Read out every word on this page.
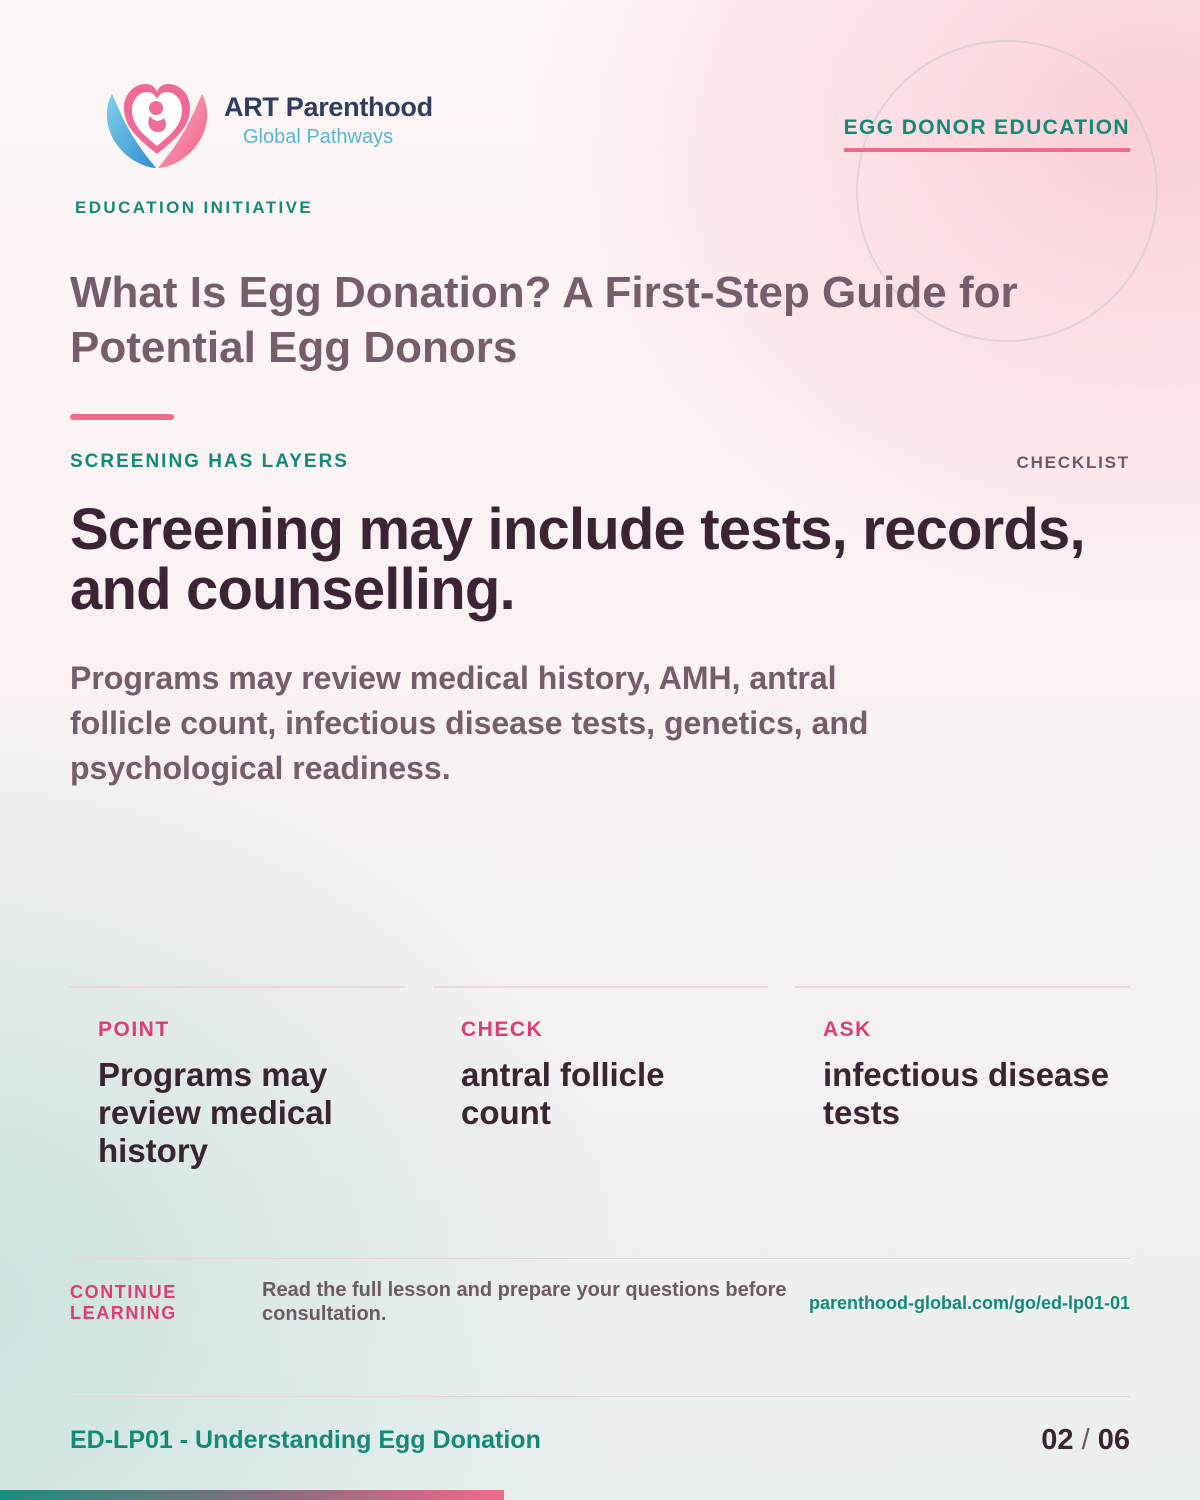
ART Parenthood
Global Pathways	EGG DONOR EDUCATION
EDUCATION INITIATIVE
What Is Egg Donation? A First-Step Guide for Potential Egg Donors
SCREENING HAS LAYERS	CHECKLIST
Screening may include tests, records, and counselling.

Programs may review medical history, AMH, antral follicle count, infectious disease tests, genetics, and psychological readiness.

POINT
Programs may review medical history
CHECK
antral follicle count
ASK
infectious disease tests
CONTINUE LEARNING
Read the full lesson and prepare your questions before consultation.	parenthood-global.com/go/ed-lp01-01
ED-LP01 - Understanding Egg Donation	02 / 06
